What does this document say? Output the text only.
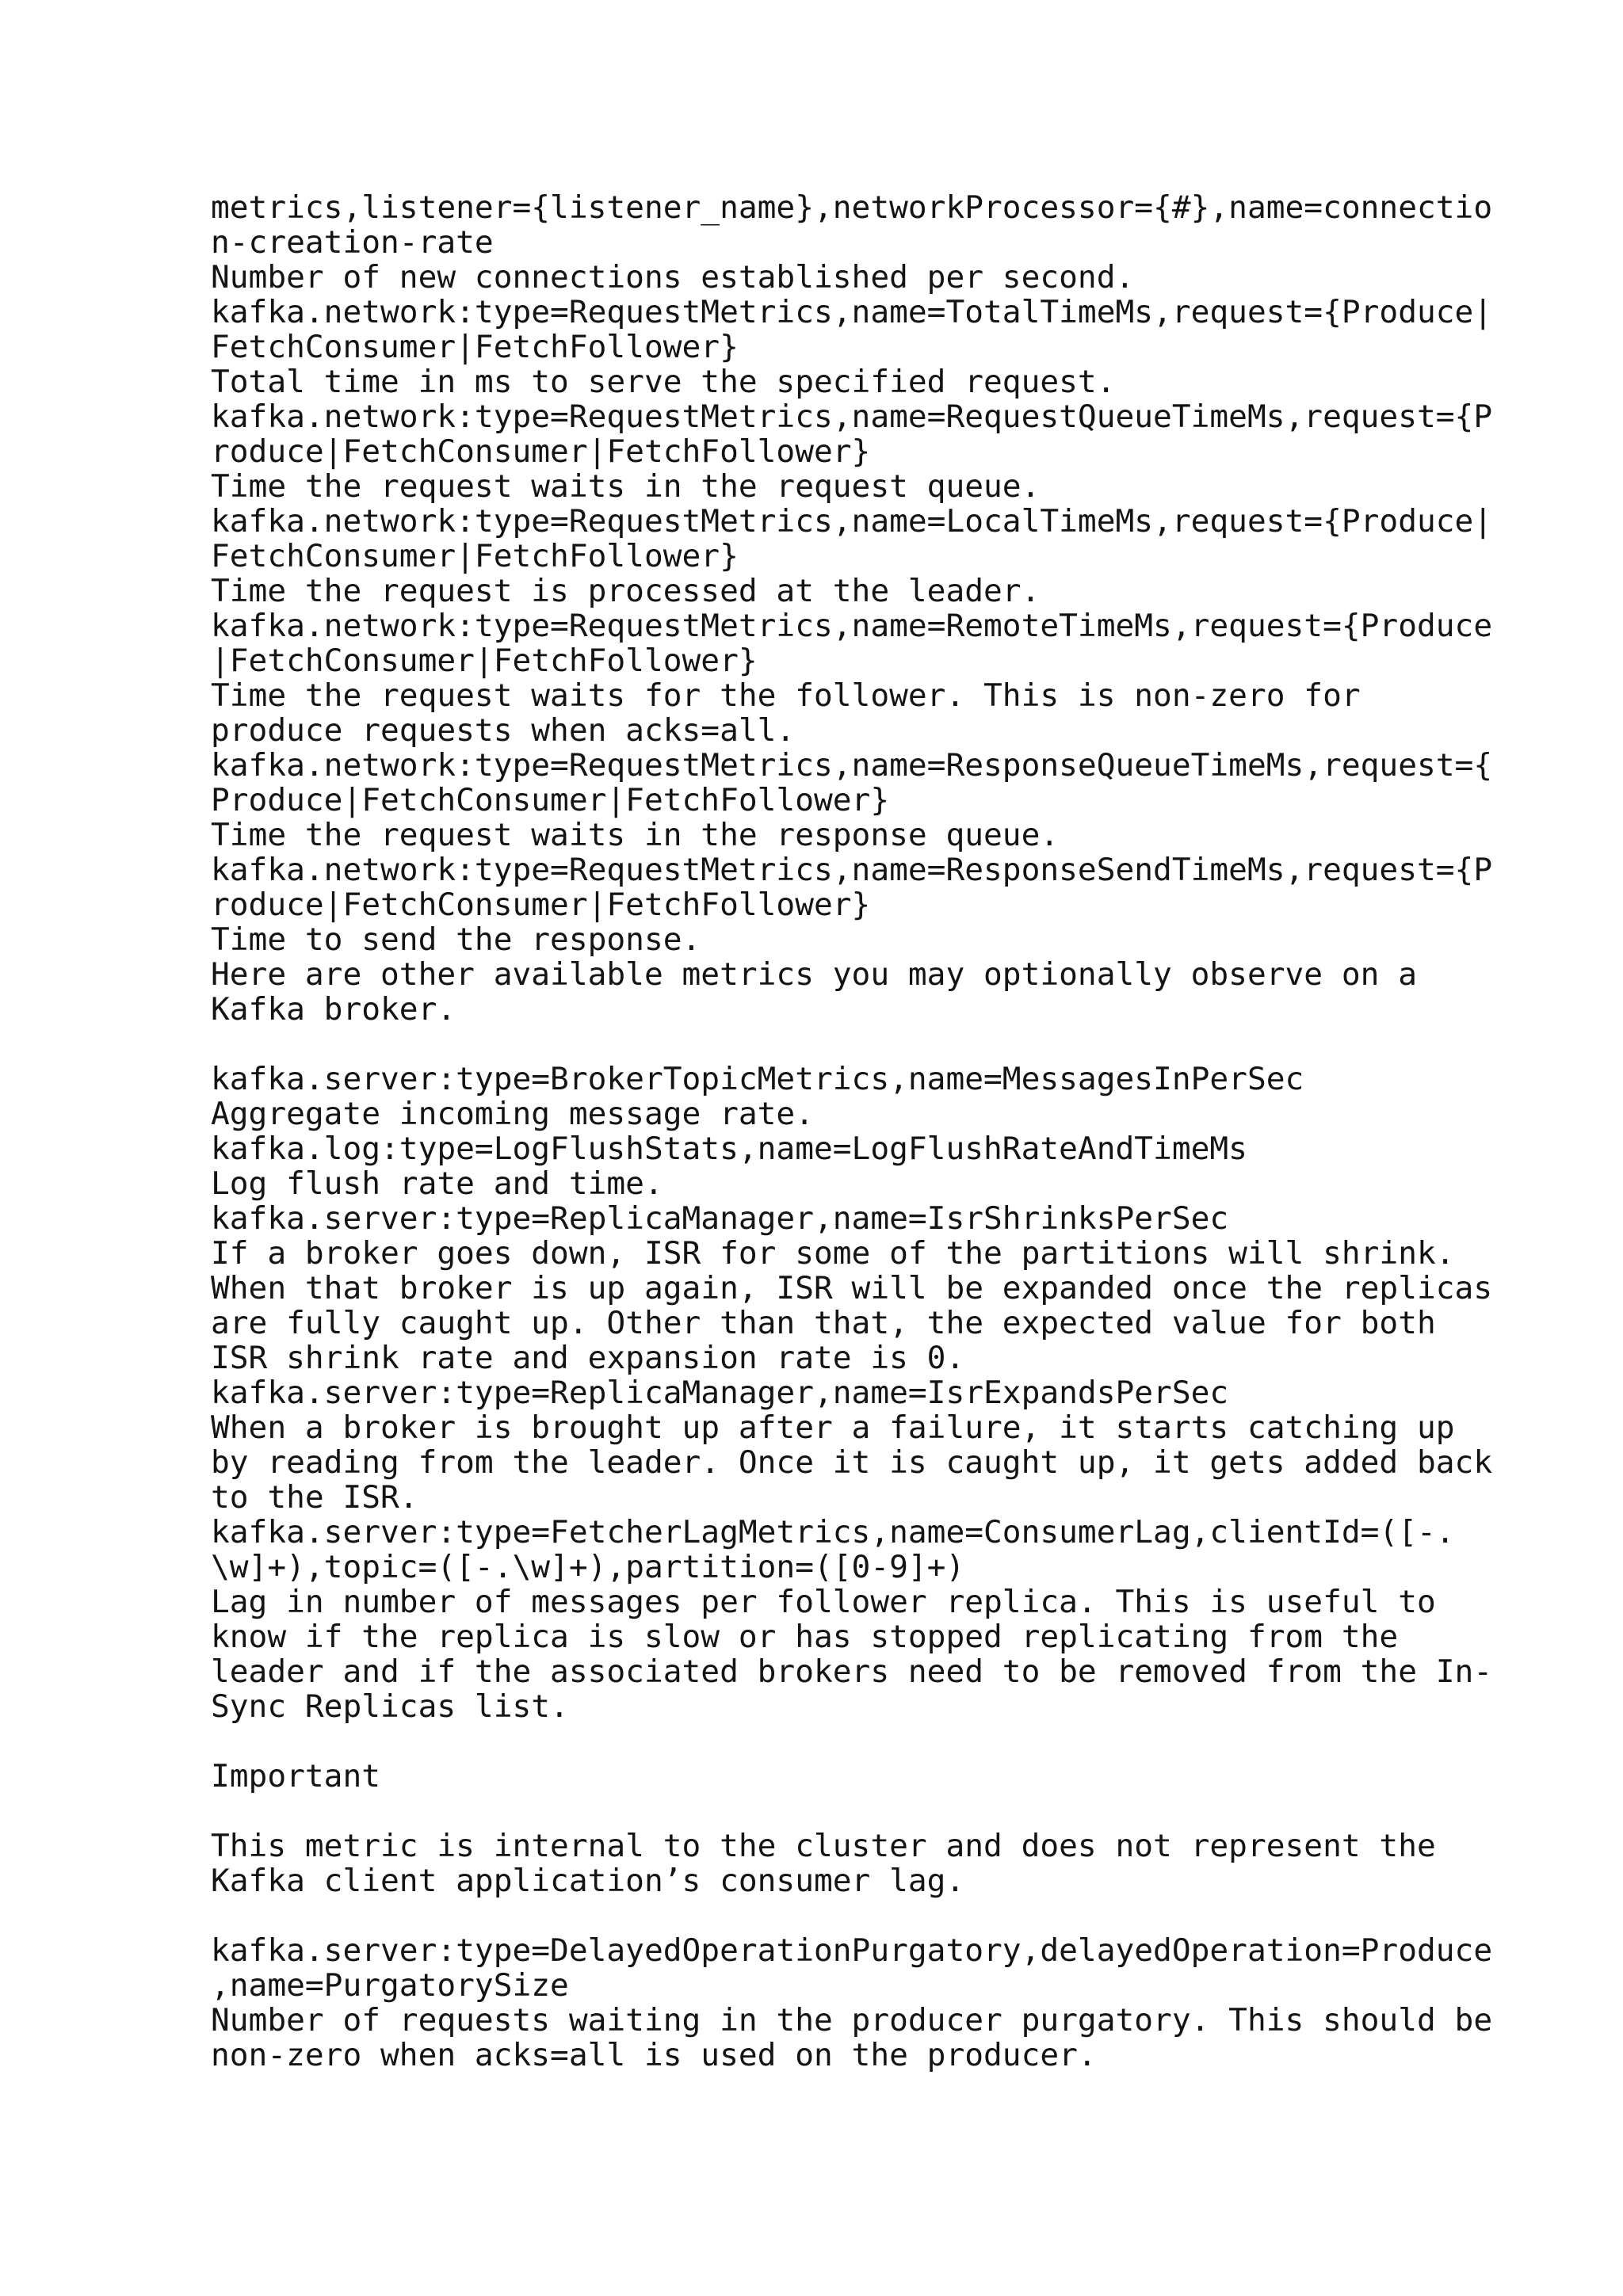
metrics,listener={listener_name},networkProcessor={#},name=connectio
n-creation-rate
Number of new connections established per second.
kafka.network:type=RequestMetrics,name=TotalTimeMs,request={Produce|
FetchConsumer|FetchFollower}
Total time in ms to serve the specified request.
kafka.network:type=RequestMetrics,name=RequestQueueTimeMs,request={P
roduce|FetchConsumer|FetchFollower}
Time the request waits in the request queue.
kafka.network:type=RequestMetrics,name=LocalTimeMs,request={Produce|
FetchConsumer|FetchFollower}
Time the request is processed at the leader.
kafka.network:type=RequestMetrics,name=RemoteTimeMs,request={Produce
|FetchConsumer|FetchFollower}
Time the request waits for the follower. This is non-zero for
produce requests when acks=all.
kafka.network:type=RequestMetrics,name=ResponseQueueTimeMs,request={
Produce|FetchConsumer|FetchFollower}
Time the request waits in the response queue.
kafka.network:type=RequestMetrics,name=ResponseSendTimeMs,request={P
roduce|FetchConsumer|FetchFollower}
Time to send the response.
Here are other available metrics you may optionally observe on a
Kafka broker.
kafka.server:type=BrokerTopicMetrics,name=MessagesInPerSec
Aggregate incoming message rate.
kafka.log:type=LogFlushStats,name=LogFlushRateAndTimeMs
Log flush rate and time.
kafka.server:type=ReplicaManager,name=IsrShrinksPerSec
If a broker goes down, ISR for some of the partitions will shrink.
When that broker is up again, ISR will be expanded once the replicas
are fully caught up. Other than that, the expected value for both
ISR shrink rate and expansion rate is 0.
kafka.server:type=ReplicaManager,name=IsrExpandsPerSec
When a broker is brought up after a failure, it starts catching up
by reading from the leader. Once it is caught up, it gets added back
to the ISR.
kafka.server:type=FetcherLagMetrics,name=ConsumerLag,clientId=([-.
\w]+),topic=([-.\w]+),partition=([0-9]+)
Lag in number of messages per follower replica. This is useful to
know if the replica is slow or has stopped replicating from the
leader and if the associated brokers need to be removed from the In-
Sync Replicas list.
Important
This metric is internal to the cluster and does not represent the
Kafka client application’s consumer lag.
kafka.server:type=DelayedOperationPurgatory,delayedOperation=Produce
,name=PurgatorySize
Number of requests waiting in the producer purgatory. This should be
non-zero when acks=all is used on the producer.
